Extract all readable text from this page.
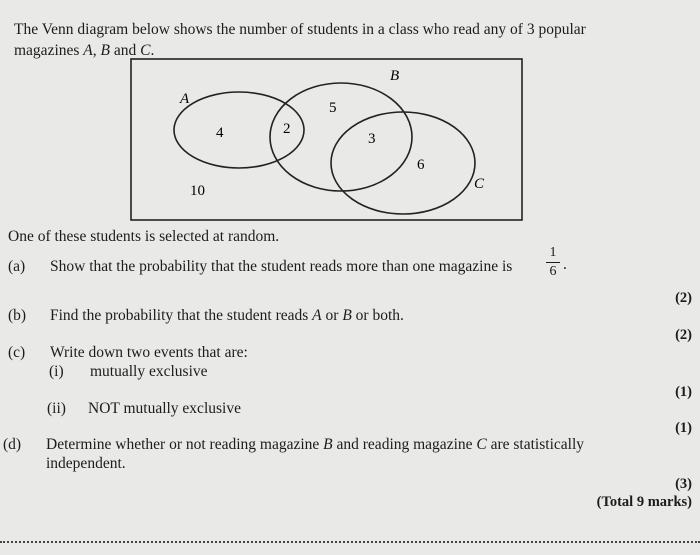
The Venn diagram below shows the number of students in a class who read any of 3 popular
magazines A, B and C.
A
B
C
4	2
5
3
6
10
One of these students is selected at random.
(a) Show that the probability that the student reads more than one magazine is
1
6 .
(2)
(b) Find the probability that the student reads A or B or both.
(2)
(c) Write down two events that are:
(i) mutually exclusive
(1)
(ii) NOT mutually exclusive
(1)
(d) Determine whether or not reading magazine B and reading magazine C are statistically
independent.
(3)
(Total 9 marks)
